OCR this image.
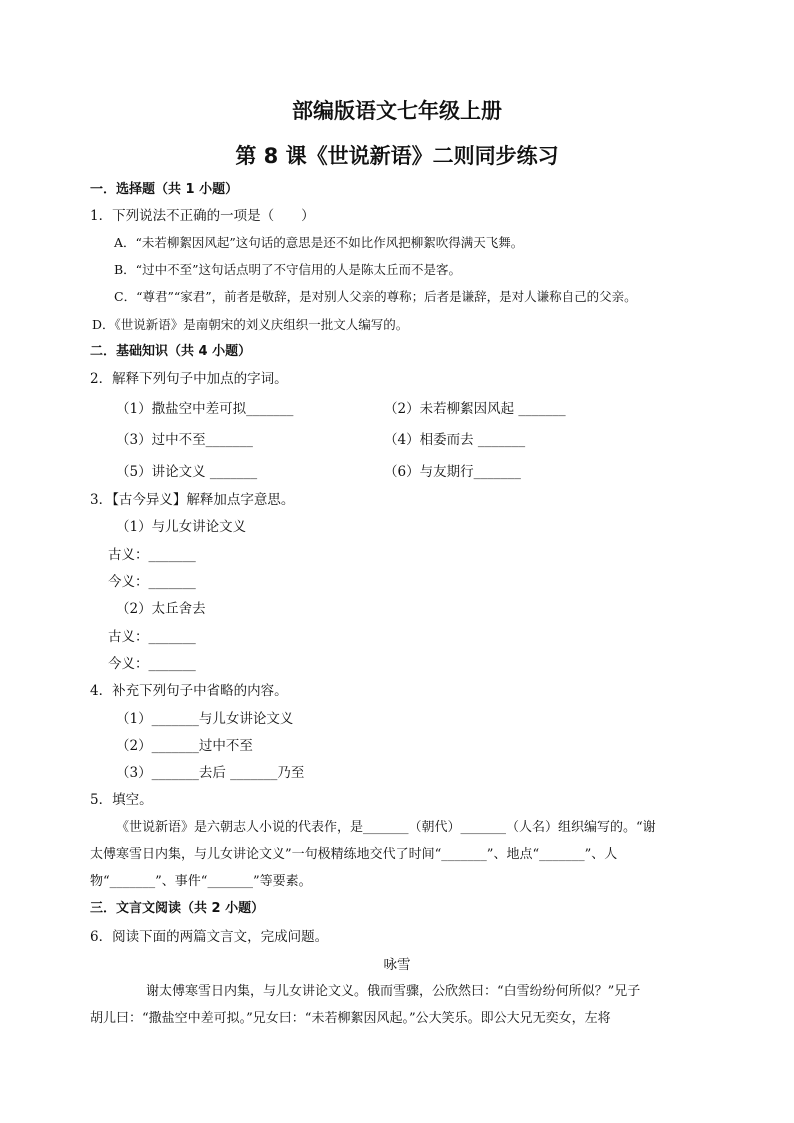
部编版语文七年级上册
第 8 课《世说新语》二则同步练习
一．选择题（共 1 小题）
1．下列说法不正确的一项是（　　）
A．“未若柳絮因风起”这句话的意思是还不如比作风把柳絮吹得满天飞舞。
B．“过中不至”这句话点明了不守信用的人是陈太丘而不是客。
C．“尊君”“家君”，前者是敬辞，是对别人父亲的尊称；后者是谦辞，是对人谦称自己的父亲。
D．《世说新语》是南朝宋的刘义庆组织一批文人编写的。
二．基础知识（共 4 小题）
2．解释下列句子中加点的字词。
（1）撒盐空中差可拟_______	（2）未若柳絮因风起 _______
（3）过中不至_______	（4）相委而去 _______
（5）讲论文义 _______	（6）与友期行_______
3．【古今异义】解释加点字意思。
（1）与儿女讲论文义
古义：_______
今义：_______
（2）太丘舍去
古义：_______
今义：_______
4．补充下列句子中省略的内容。
（1）_______与儿女讲论文义
（2）_______过中不至
（3）_______去后 _______乃至
5．填空。
《世说新语》是六朝志人小说的代表作，是_______（朝代）_______（人名）组织编写的。“谢
太傅寒雪日内集，与儿女讲论文义”一句极精练地交代了时间“_______”、地点“_______”、人
物“_______”、事件“_______”等要素。
三．文言文阅读（共 2 小题）
6．阅读下面的两篇文言文，完成问题。
咏雪
谢太傅寒雪日内集，与儿女讲论文义。俄而雪骤，公欣然曰：“白雪纷纷何所似？”兄子
胡儿曰：“撒盐空中差可拟。”兄女曰：“未若柳絮因风起。”公大笑乐。即公大兄无奕女，左将
